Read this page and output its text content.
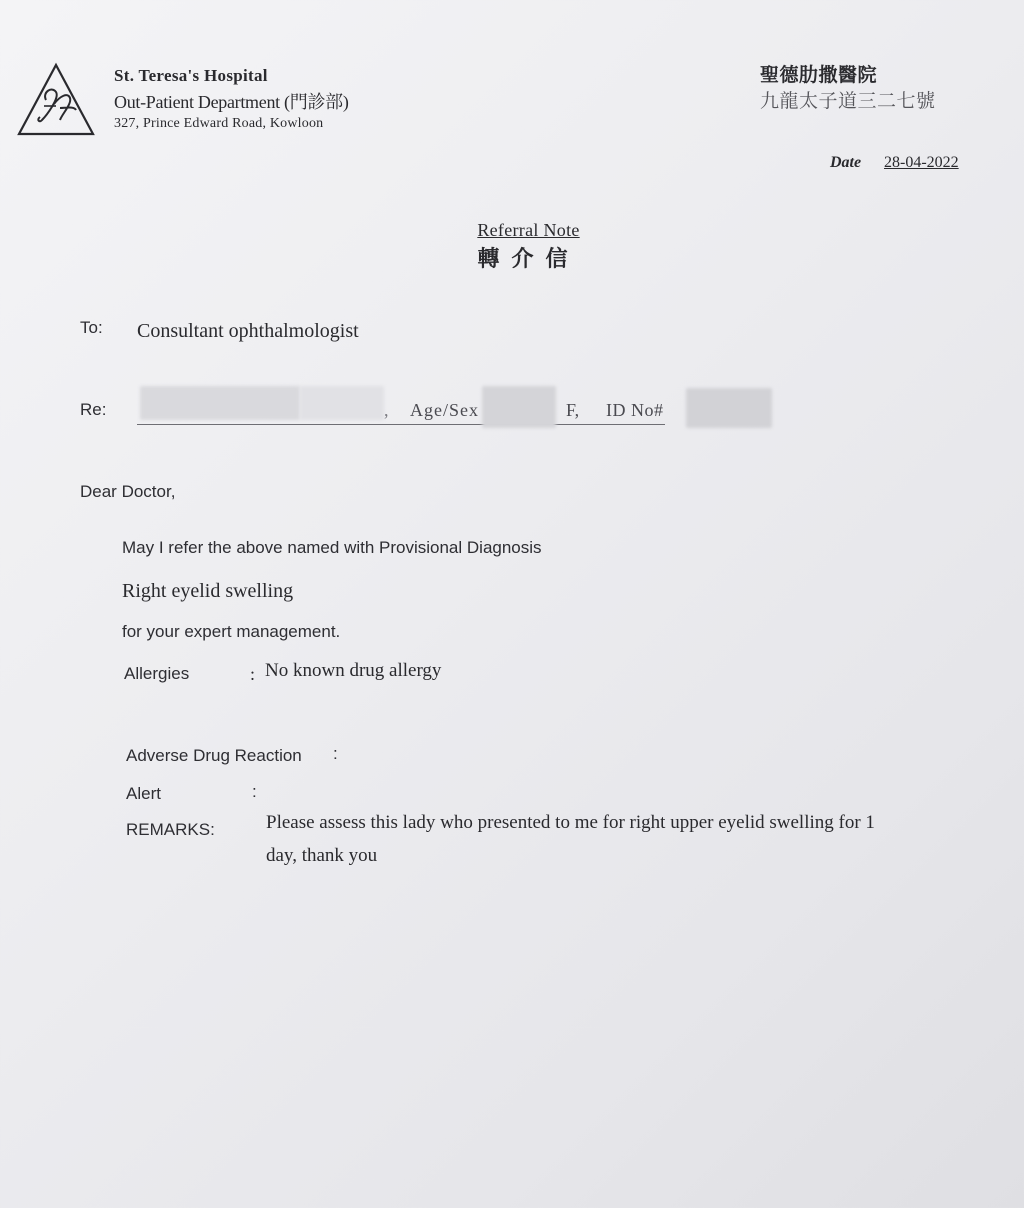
St. Teresa's Hospital
Out-Patient Department (門診部)
327, Prince Edward Road, Kowloon
聖德肋撒醫院
九龍太子道三二七號
Date 28-04-2022
Referral Note
轉介信
To: Consultant ophthalmologist
Re:	, Age/Sex	F, ID No#
Dear Doctor,
May I refer the above named with Provisional Diagnosis
Right eyelid swelling
for your expert management.
Allergies	: No known drug allergy
Adverse Drug Reaction :
Alert	:
REMARKS:	Please assess this lady who presented to me for right upper eyelid swelling for 1
day, thank you
